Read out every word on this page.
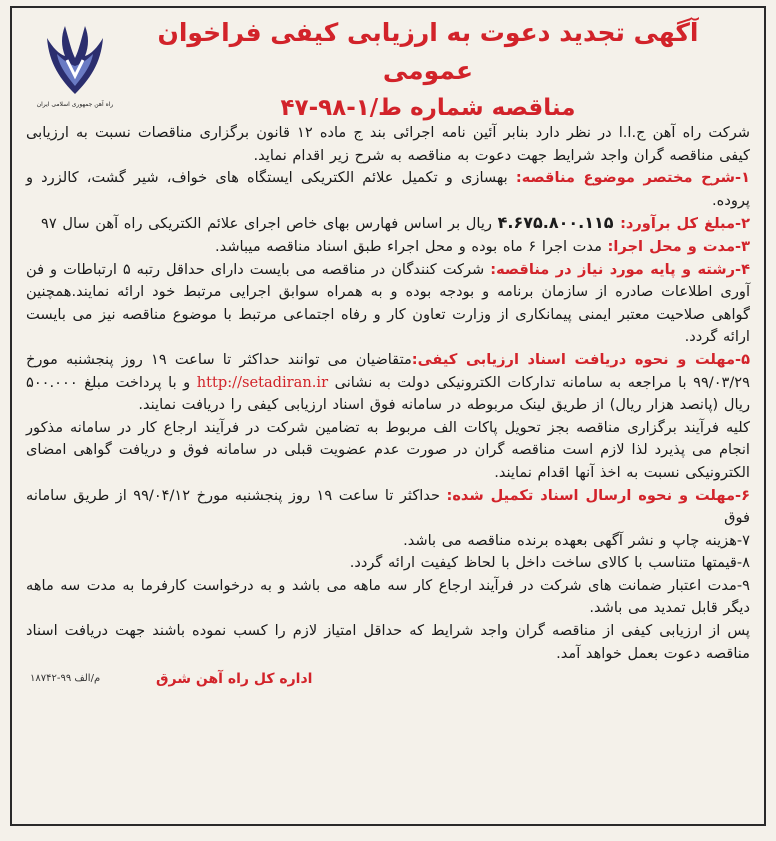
راه آهن جمهوری اسلامی ایران

آگهی تجدید دعوت به ارزیابی کیفی فراخوان عمومی

مناقصه شماره ط/۱-۹۸-۴۷

شرکت راه آهن ج.ا.ا در نظر دارد بنابر آئین نامه اجرائی بند ج ماده ۱۲ قانون برگزاری مناقصات نسبت به ارزیابی کیفی مناقصه گران واجد شرایط جهت دعوت به مناقصه به شرح زیر اقدام نماید.

۱-شرح مختصر موضوع مناقصه: بهسازی و تکمیل علائم الکتریکی ایستگاه های خواف، شیر گشت، کالزرد و پروده.

۲-مبلغ کل برآورد: ۴.۶۷۵.۸۰۰.۱۱۵ ریال بر اساس فهارس بهای خاص اجرای علائم الکتریکی راه آهن سال ۹۷

۳-مدت و محل اجرا: مدت اجرا ۶ ماه بوده و محل اجراء طبق اسناد مناقصه میباشد.

۴-رشته و پایه مورد نیاز در مناقصه: شرکت کنندگان در مناقصه می بایست دارای حداقل رتبه ۵ ارتباطات و فن آوری اطلاعات صادره از سازمان برنامه و بودجه بوده و به همراه سوابق اجرایی مرتبط خود ارائه نمایند.همچنین گواهی صلاحیت معتبر ایمنی پیمانکاری از وزارت تعاون کار و رفاه اجتماعی مرتبط با موضوع مناقصه نیز می بایست ارائه گردد.

۵-مهلت و نحوه دریافت اسناد ارزیابی کیفی:متقاضیان می توانند حداکثر تا ساعت ۱۹ روز پنجشنبه مورخ ۹۹/۰۳/۲۹ با مراجعه به سامانه تدارکات الکترونیکی دولت به نشانی http://setadiran.ir و با پرداخت مبلغ ۵۰۰.۰۰۰ ریال (پانصد هزار ریال) از طریق لینک مربوطه در سامانه فوق اسناد ارزیابی کیفی را دریافت نمایند.

کلیه فرآیند برگزاری مناقصه بجز تحویل پاکات الف مربوط به تضامین شرکت در فرآیند ارجاع کار در سامانه مذکور انجام می پذیرد لذا لازم است مناقصه گران در صورت عدم عضویت قبلی در سامانه فوق و دریافت گواهی امضای الکترونیکی نسبت به اخذ آنها اقدام نمایند.

۶-مهلت و نحوه ارسال اسناد تکمیل شده: حداکثر تا ساعت ۱۹ روز پنجشنبه مورخ ۹۹/۰۴/۱۲ از طریق سامانه فوق

۷-هزینه چاپ و نشر آگهی بعهده برنده مناقصه می باشد.

۸-قیمتها متناسب با کالای ساخت داخل با لحاظ کیفیت ارائه گردد.

۹-مدت اعتبار ضمانت های شرکت در فرآیند ارجاع کار سه ماهه می باشد و به درخواست کارفرما به مدت سه ماهه دیگر قابل تمدید می باشد.

پس از ارزیابی کیفی از مناقصه گران واجد شرایط که حداقل امتیاز لازم را کسب نموده باشند جهت دریافت اسناد مناقصه دعوت بعمل خواهد آمد.

اداره کل راه آهن شرق
م/الف ۹۹-۱۸۷۴۲
